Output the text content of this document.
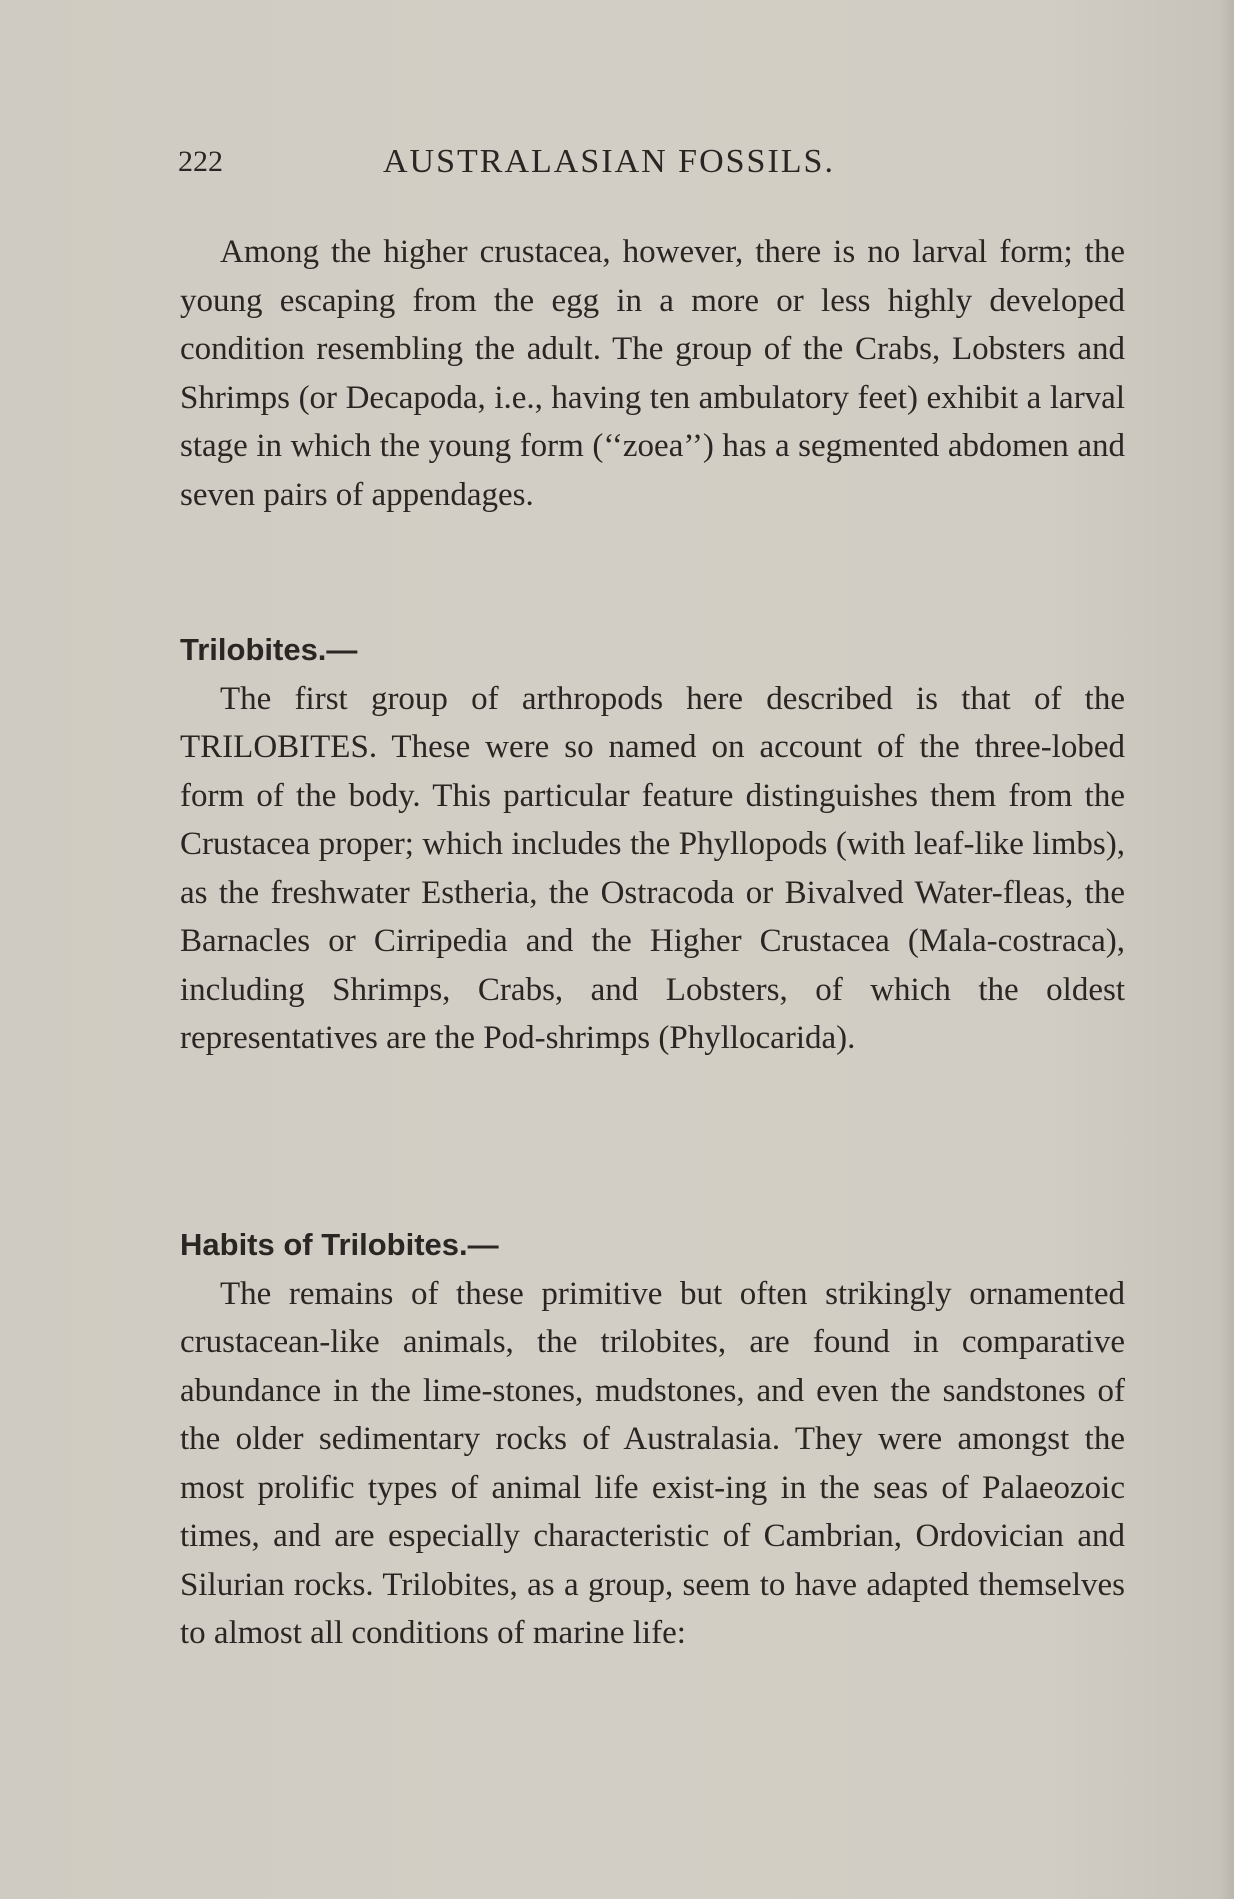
222	AUSTRALASIAN FOSSILS.

Among the higher crustacea, however, there is no larval form; the young escaping from the egg in a more or less highly developed condition resembling the adult. The group of the Crabs, Lobsters and Shrimps (or Decapoda, i.e., having ten ambulatory feet) exhibit a larval stage in which the young form (‘‘zoea’’) has a segmented abdomen and seven pairs of appendages.

Trilobites.—

The first group of arthropods here described is that of the TRILOBITES. These were so named on account of the three-lobed form of the body. This particular feature distinguishes them from the Crustacea proper; which includes the Phyllopods (with leaf-like limbs), as the freshwater Estheria, the Ostracoda or Bivalved Water-fleas, the Barnacles or Cirripedia and the Higher Crustacea (Mala-costraca), including Shrimps, Crabs, and Lobsters, of which the oldest representatives are the Pod-shrimps (Phyllocarida).

Habits of Trilobites.—

The remains of these primitive but often strikingly ornamented crustacean-like animals, the trilobites, are found in comparative abundance in the lime-stones, mudstones, and even the sandstones of the older sedimentary rocks of Australasia. They were amongst the most prolific types of animal life exist-ing in the seas of Palaeozoic times, and are especially characteristic of Cambrian, Ordovician and Silurian rocks. Trilobites, as a group, seem to have adapted themselves to almost all conditions of marine life:
